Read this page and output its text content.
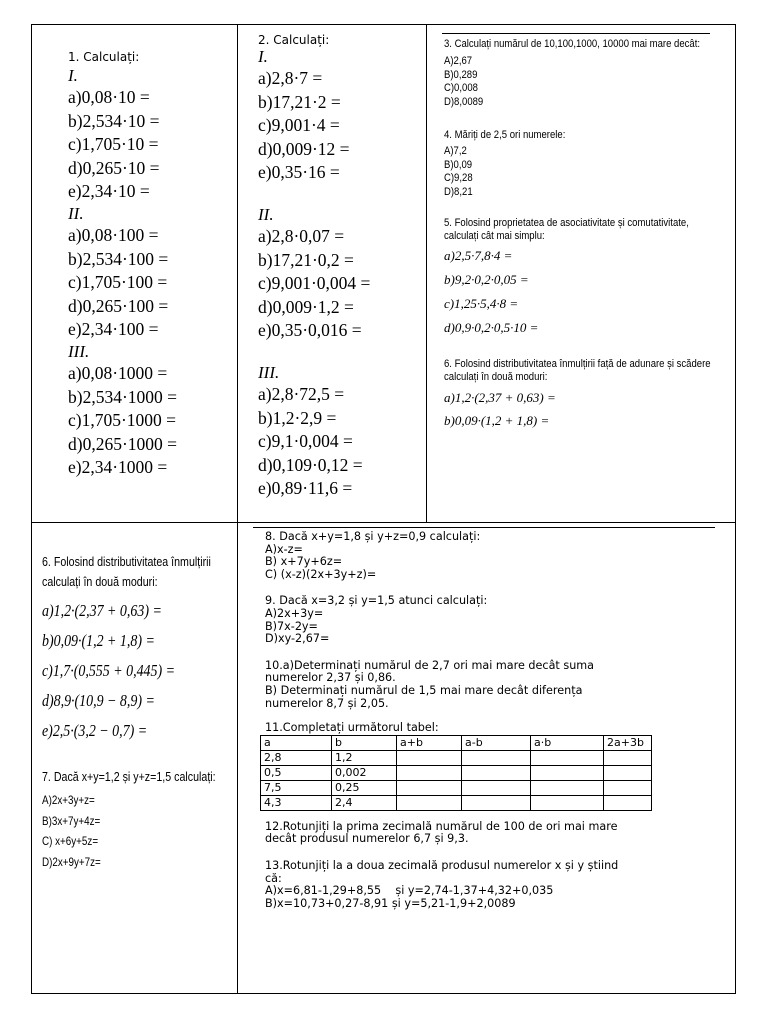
1. Calculați:
I.
a)0,08·10 =
b)2,534·10 =
c)1,705·10 =
d)0,265·10 =
e)2,34·10 =
II.
a)0,08·100 =
b)2,534·100 =
c)1,705·100 =
d)0,265·100 =
e)2,34·100 =
III.
a)0,08·1000 =
b)2,534·1000 =
c)1,705·1000 =
d)0,265·1000 =
e)2,34·1000 =
2. Calculați:
I.
a)2,8·7 =
b)17,21·2 =
c)9,001·4 =
d)0,009·12 =
e)0,35·16 =
II.
a)2,8·0,07 =
b)17,21·0,2 =
c)9,001·0,004 =
d)0,009·1,2 =
e)0,35·0,016 =
III.
a)2,8·72,5 =
b)1,2·2,9 =
c)9,1·0,004 =
d)0,109·0,12 =
e)0,89·11,6 =
3. Calculați numărul de 10,100,1000, 10000 mai mare decât:
A)2,67
B)0,289
C)0,008
D)8,0089
4. Măriți de 2,5 ori numerele:
A)7,2
B)0,09
C)9,28
D)8,21
5. Folosind proprietatea de asociativitate și comutativitate,
calculați cât mai simplu:
a)2,5·7,8·4 =
b)9,2·0,2·0,05 =
c)1,25·5,4·8 =
d)0,9·0,2·0,5·10 =
6. Folosind distributivitatea înmulțirii față de adunare și scădere
calculați în două moduri:
a)1,2·(2,37 + 0,63) =
b)0,09·(1,2 + 1,8) =
6. Folosind distributivitatea înmulțirii
calculați în două moduri:
a)1,2·(2,37 + 0,63) =
b)0,09·(1,2 + 1,8) =
c)1,7·(0,555 + 0,445) =
d)8,9·(10,9 − 8,9) =
e)2,5·(3,2 − 0,7) =
7. Dacă x+y=1,2 și y+z=1,5 calculați:
A)2x+3y+z=
B)3x+7y+4z=
C) x+6y+5z=
D)2x+9y+7z=
8. Dacă x+y=1,8 și y+z=0,9 calculați:
A)x-z=
B) x+7y+6z=
C) (x-z)(2x+3y+z)=
9. Dacă x=3,2 și y=1,5 atunci calculați:
A)2x+3y=
B)7x-2y=
D)xy-2,67=
10.a)Determinați numărul de 2,7 ori mai mare decât suma
numerelor 2,37 și 0,86.
B) Determinați numărul de 1,5 mai mare decât diferența
numerelor 8,7 și 2,05.
11.Completați următorul tabel:
a	b	a+b	a-b	a·b	2a+3b
2,8	1,2				
0,5	0,002				
7,5	0,25				
4,3	2,4				
12.Rotunjiți la prima zecimală numărul de 100 de ori mai mare
decât produsul numerelor 6,7 și 9,3.
13.Rotunjiți la a doua zecimală produsul numerelor x și y știind
că:
A)x=6,81-1,29+8,55    și y=2,74-1,37+4,32+0,035
B)x=10,73+0,27-8,91 și y=5,21-1,9+2,0089
